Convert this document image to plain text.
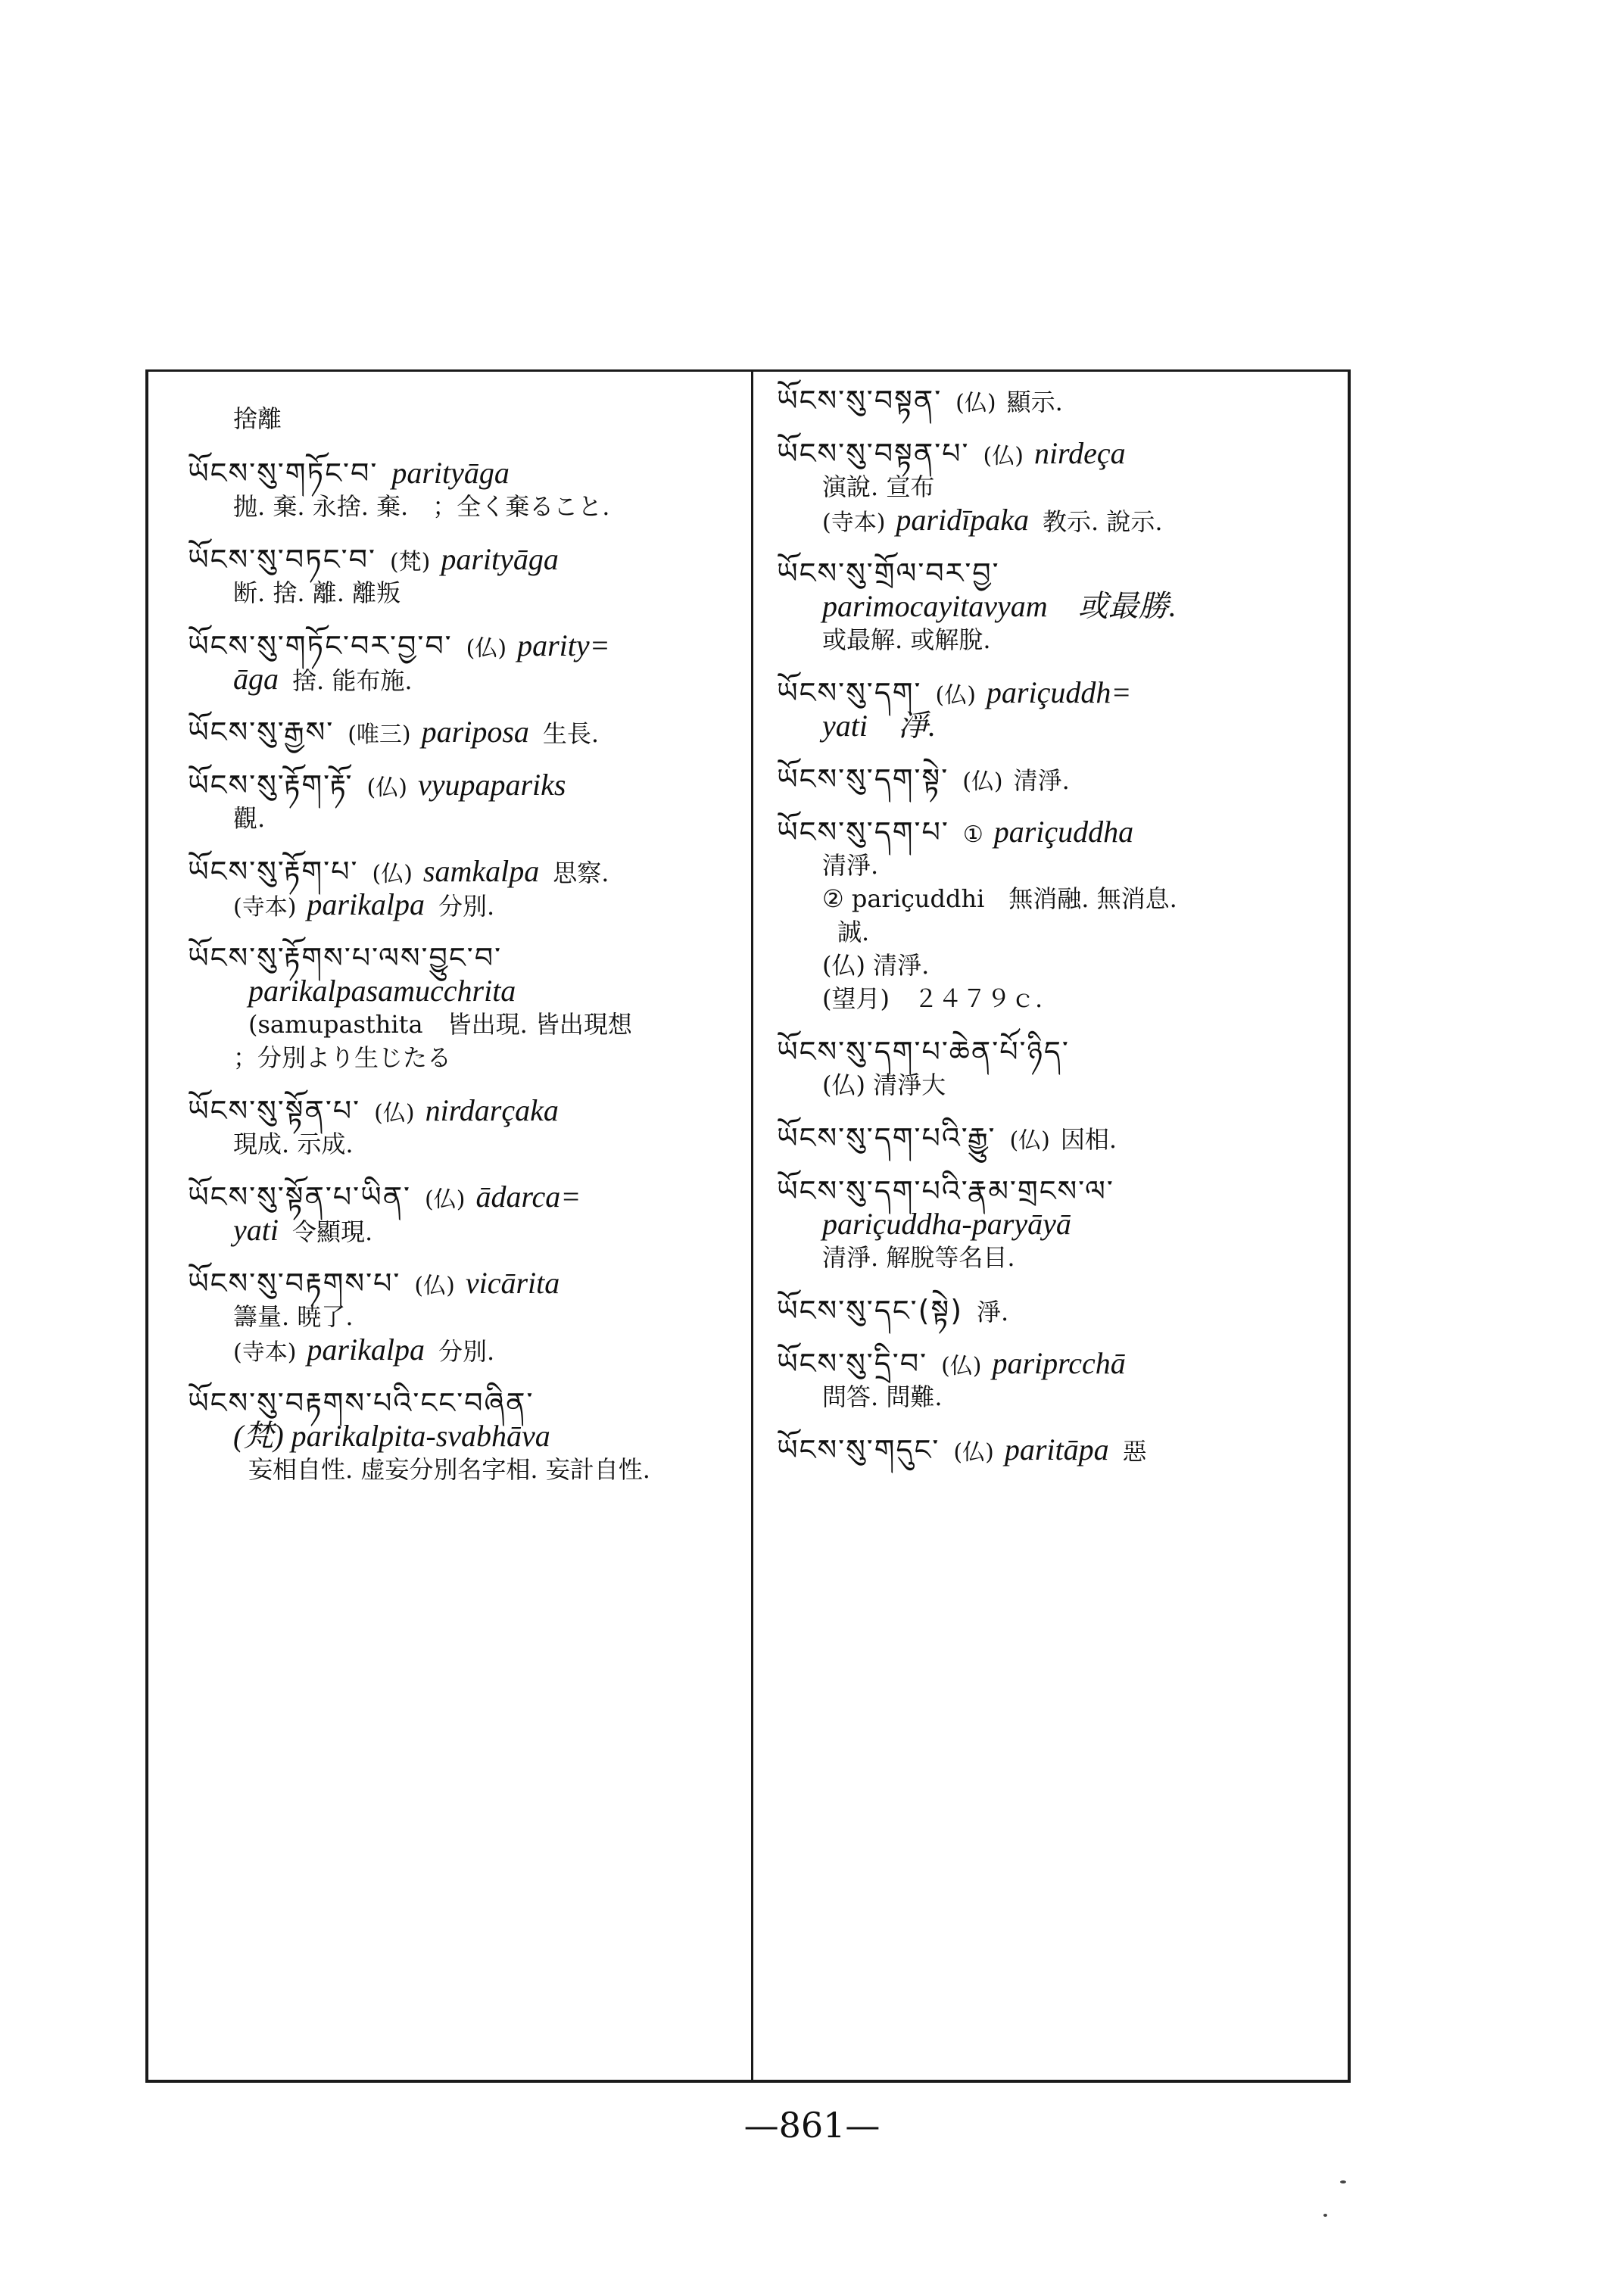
捨離
ཡོངས་སུ་གཏོང་བ་ parityāga
抛. 棄. 永捨. 棄.　；全く棄ること.
ཡོངས་སུ་བཏང་བ་ (梵) parityāga
断. 捨. 離. 離叛
ཡོངས་སུ་གཏོང་བར་བྱ་བ་ (仏) parity=
āga 捨. 能布施.
ཡོངས་སུ་རྒྱས་ (唯三) pariposa 生長.
ཡོངས་སུ་རྟོག་རྟོ་ (仏) vyupapariks
觀.
ཡོངས་སུ་རྟོག་པ་ (仏) samkalpa 思察.
(寺本) parikalpa 分別.
ཡོངས་སུ་རྟོགས་པ་ལས་བྱུང་བ་
parikalpasamucchrita
(samupasthita　皆出現. 皆出現想
；分別より生じたる
ཡོངས་སུ་སྟོན་པ་ (仏) nirdarçaka
現成. 示成.
ཡོངས་སུ་སྟོན་པ་ཡིན་ (仏) ādarca=
yati 令顯現.
ཡོངས་སུ་བརྟགས་པ་ (仏) vicārita
籌量. 暁了.
(寺本) parikalpa 分別.
ཡོངས་སུ་བརྟགས་པའི་ངང་བཞིན་
(梵) parikalpita-svabhāva
妄相自性. 虚妄分別名字相. 妄計自性.
ཡོངས་སུ་བསྟན་ (仏) 顯示.
ཡོངས་སུ་བསྟན་པ་ (仏) nirdeça
演說. 宣布
(寺本) paridīpaka 教示. 說示.
ཡོངས་སུ་གྲོལ་བར་བྱ་
parimocayitavyam　或最勝.
或最解. 或解脫.
ཡོངས་སུ་དག་ (仏) pariçuddh=
yati　淨.
ཡོངས་སུ་དག་སྟེ་ (仏) 清淨.
ཡོངས་སུ་དག་པ་ ① pariçuddha
清淨.
② pariçuddhi　無消融. 無消息.
誠.
(仏) 清淨.
(望月)　２４７９ｃ.
ཡོངས་སུ་དག་པ་ཆེན་པོ་ཉིད་
(仏) 清淨大
ཡོངས་སུ་དག་པའི་རྒྱུ་ (仏) 因相.
ཡོངས་སུ་དག་པའི་རྣམ་གྲངས་ལ་
pariçuddha-paryāyā
清淨. 解脫等名目.
ཡོངས་སུ་དང་(སྟེ) 淨.
ཡོངས་སུ་དྲི་བ་ (仏) pariprcchā
問答. 問難.
ཡོངས་སུ་གདུང་ (仏) paritāpa 惡
—861—
